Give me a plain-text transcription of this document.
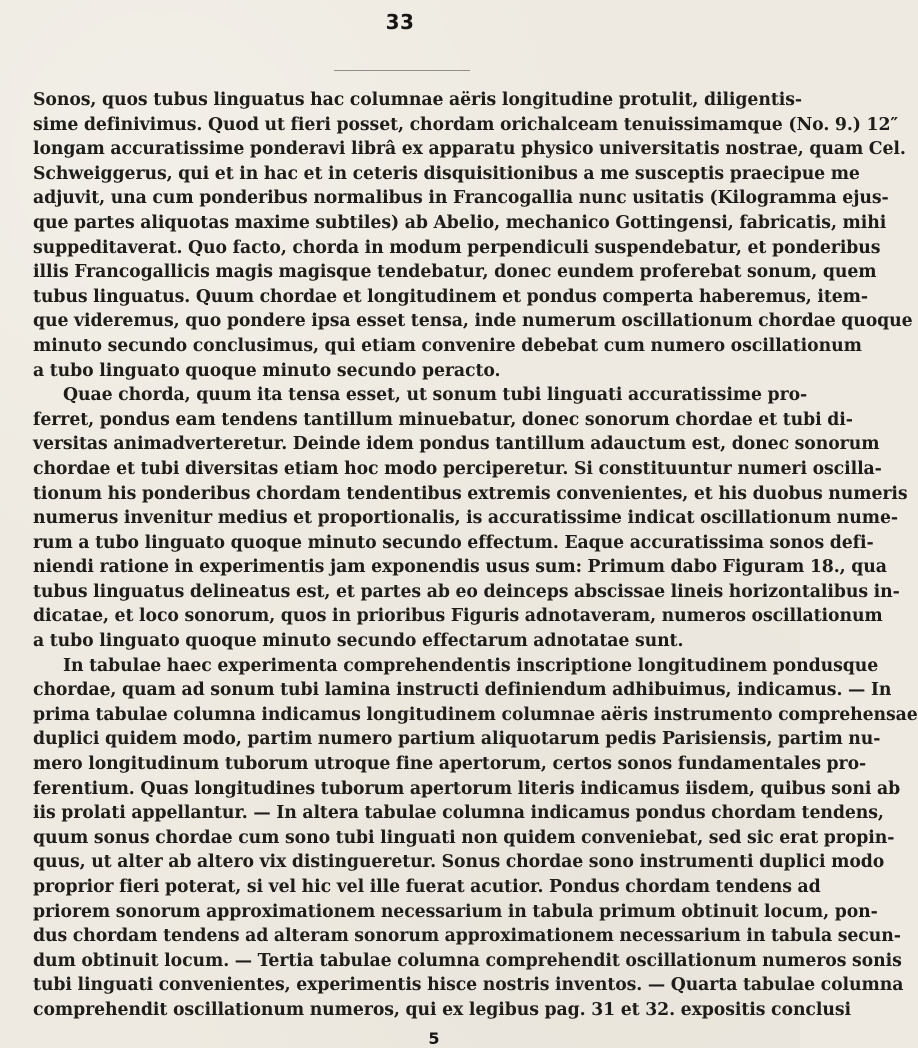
33

Sonos, quos tubus linguatus hac columnae aëris longitudine protulit, diligentis-
sime definivimus. Quod ut fieri posset, chordam orichalceam tenuissimamque (No. 9.) 12″
longam accuratissime ponderavi librâ ex apparatu physico universitatis nostrae, quam Cel.
Schweiggerus, qui et in hac et in ceteris disquisitionibus a me susceptis praecipue me
adjuvit, una cum ponderibus normalibus in Francogallia nunc usitatis (Kilogramma ejus-
que partes aliquotas maxime subtiles) ab Abelio, mechanico Gottingensi, fabricatis, mihi
suppeditaverat. Quo facto, chorda in modum perpendiculi suspendebatur, et ponderibus
illis Francogallicis magis magisque tendebatur, donec eundem proferebat sonum, quem
tubus linguatus. Quum chordae et longitudinem et pondus comperta haberemus, item-
que videremus, quo pondere ipsa esset tensa, inde numerum oscillationum chordae quoque
minuto secundo conclusimus, qui etiam convenire debebat cum numero oscillationum
a tubo linguato quoque minuto secundo peracto.

Quae chorda, quum ita tensa esset, ut sonum tubi linguati accuratissime pro-
ferret, pondus eam tendens tantillum minuebatur, donec sonorum chordae et tubi di-
versitas animadverteretur. Deinde idem pondus tantillum adauctum est, donec sonorum
chordae et tubi diversitas etiam hoc modo perciperetur. Si constituuntur numeri oscilla-
tionum his ponderibus chordam tendentibus extremis convenientes, et his duobus numeris
numerus invenitur medius et proportionalis, is accuratissime indicat oscillationum nume-
rum a tubo linguato quoque minuto secundo effectum. Eaque accuratissima sonos defi-
niendi ratione in experimentis jam exponendis usus sum: Primum dabo Figuram 18., qua
tubus linguatus delineatus est, et partes ab eo deinceps abscissae lineis horizontalibus in-
dicatae, et loco sonorum, quos in prioribus Figuris adnotaveram, numeros oscillationum
a tubo linguato quoque minuto secundo effectarum adnotatae sunt.

In tabulae haec experimenta comprehendentis inscriptione longitudinem pondusque
chordae, quam ad sonum tubi lamina instructi definiendum adhibuimus, indicamus. — In
prima tabulae columna indicamus longitudinem columnae aëris instrumento comprehensae
duplici quidem modo, partim numero partium aliquotarum pedis Parisiensis, partim nu-
mero longitudinum tuborum utroque fine apertorum, certos sonos fundamentales pro-
ferentium. Quas longitudines tuborum apertorum literis indicamus iisdem, quibus soni ab
iis prolati appellantur. — In altera tabulae columna indicamus pondus chordam tendens,
quum sonus chordae cum sono tubi linguati non quidem conveniebat, sed sic erat propin-
quus, ut alter ab altero vix distingueretur. Sonus chordae sono instrumenti duplici modo
proprior fieri poterat, si vel hic vel ille fuerat acutior. Pondus chordam tendens ad
priorem sonorum approximationem necessarium in tabula primum obtinuit locum, pon-
dus chordam tendens ad alteram sonorum approximationem necessarium in tabula secun-
dum obtinuit locum. — Tertia tabulae columna comprehendit oscillationum numeros sonis
tubi linguati convenientes, experimentis hisce nostris inventos. — Quarta tabulae columna
comprehendit oscillationum numeros, qui ex legibus pag. 31 et 32. expositis conclusi

5
